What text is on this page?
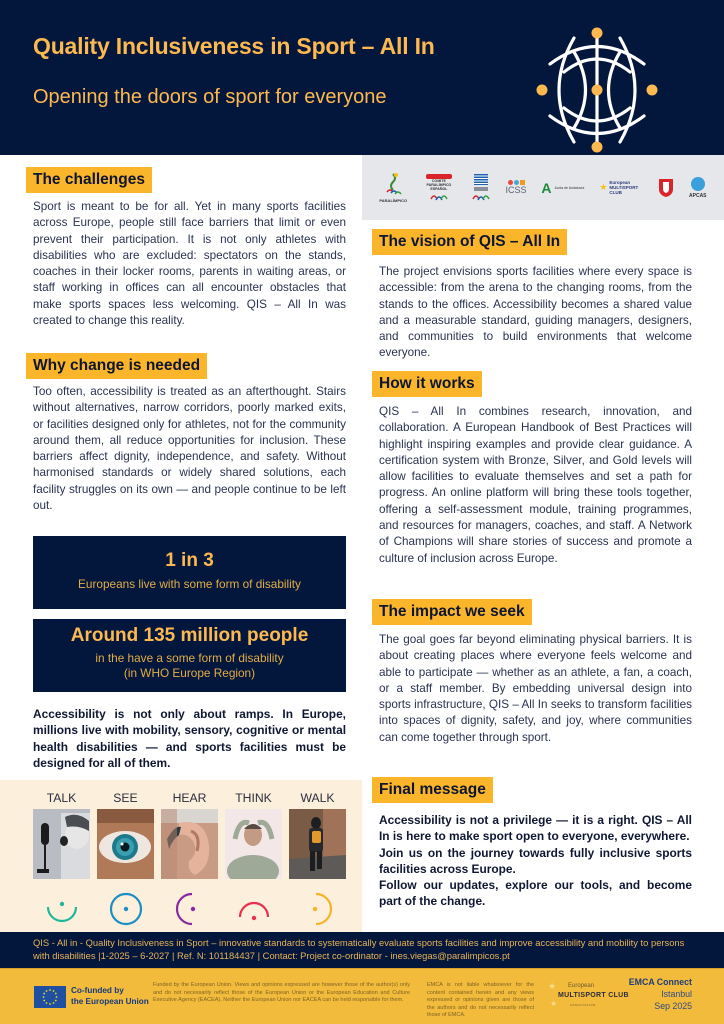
Quality Inclusiveness in Sport – All In
Opening the doors of sport for everyone
PARALÍMPICO
COMITÉ PARALÍMPICO ESPAÑOL	ICSS A Junta de Andalucía ★ European MULTISPORT CLUB	APCAS
The challenges
Sport is meant to be for all. Yet in many sports facilities across Europe, people still face barriers that limit or even prevent their participation. It is not only athletes with disabilities who are excluded: spectators on the stands, coaches in their locker rooms, parents in waiting areas, or staff working in offices can all encounter obstacles that make sports spaces less welcoming. QIS – All In was created to change this reality.
Why change is needed
Too often, accessibility is treated as an afterthought. Stairs without alternatives, narrow corridors, poorly marked exits, or facilities designed only for athletes, not for the community around them, all reduce opportunities for inclusion. These barriers affect dignity, independence, and safety. Without harmonised standards or widely shared solutions, each facility struggles on its own — and people continue to be left out.
1 in 3
Europeans live with some form of disability
Around 135 million people
in the have a some form of disability
(in WHO Europe Region)
Accessibility is not only about ramps. In Europe, millions live with mobility, sensory, cognitive or mental health disabilities — and sports facilities must be designed for all of them.
TALK	SEE	HEAR	THINK	WALK
The vision of QIS – All In
The project envisions sports facilities where every space is accessible: from the arena to the changing rooms, from the stands to the offices. Accessibility becomes a shared value and a measurable standard, guiding managers, designers, and communities to build environments that welcome everyone.
How it works
QIS – All In combines research, innovation, and collaboration. A European Handbook of Best Practices will highlight inspiring examples and provide clear guidance. A certification system with Bronze, Silver, and Gold levels will allow facilities to evaluate themselves and set a path for progress. An online platform will bring these tools together, offering a self-assessment module, training programmes, and resources for managers, coaches, and staff. A Network of Champions will share stories of success and promote a culture of inclusion across Europe.
The impact we seek
The goal goes far beyond eliminating physical barriers. It is about creating places where everyone feels welcome and able to participate — whether as an athlete, a fan, a coach, or a staff member. By embedding universal design into sports infrastructure, QIS – All In seeks to transform facilities into spaces of dignity, safety, and joy, where communities can come together through sport.
Final message
Accessibility is not a privilege — it is a right. QIS – All In is here to make sport open to everyone, everywhere.
Join us on the journey towards fully inclusive sports facilities across Europe.
Follow our updates, explore our tools, and become part of the change.
QIS - All in - Quality Inclusiveness in Sport – innovative standards to systematically evaluate sports facilities and improve accessibility and mobility to persons with disabilities |1-2025 – 6-2027 | Ref. N: 101184437 | Contact: Project co-ordinator - ines.viegas@paralimpicos.pt
Co-funded by
the European Union
Funded by the European Union. Views and opinions expressed are however those of the author(s) only and do not necessarily reflect those of the European Union or the European Education and Culture Executive Agency (EACEA). Neither the European Union nor EACEA can be held responsible for them.
EMCA is not liable whatsoever for the content contained herein and any views expressed or opinions given are those of the authors and do not necessarily reflect those of EMCA.
★
★
European
MULTISPORT CLUB
ASSOCIATION
EMCA Connect
Istanbul
Sep 2025
